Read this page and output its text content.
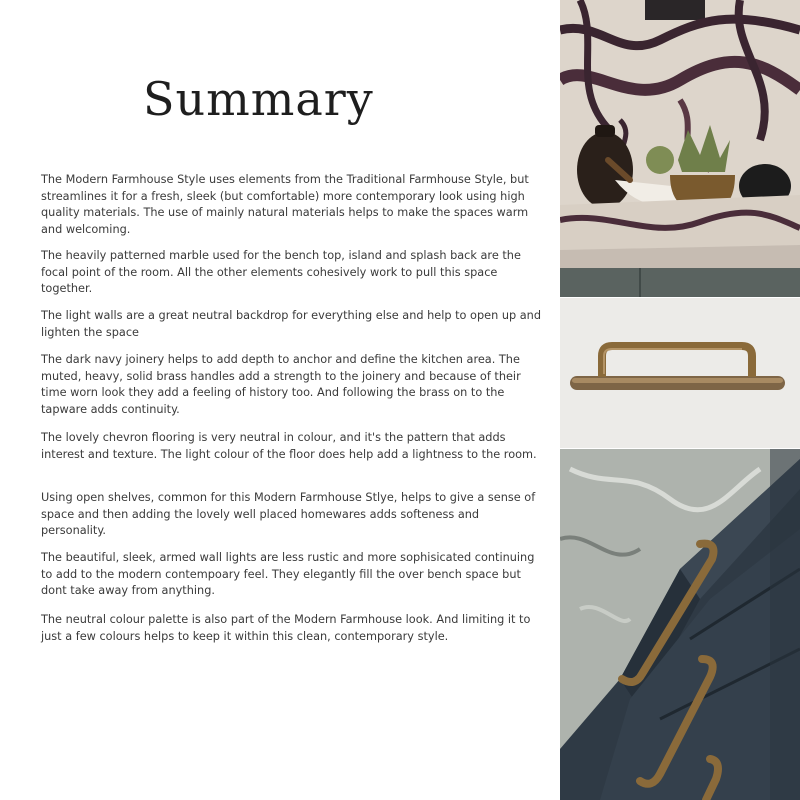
Summary

The Modern Farmhouse Style uses elements from the Traditional Farmhouse Style, but streamlines it for a fresh, sleek (but comfortable) more contemporary look using high quality materials. The use of mainly natural materials helps to make the spaces warm and welcoming.

The heavily patterned marble used for the bench top, island and splash back are the focal point of the room. All the other elements cohesively work to pull this space together.

The light walls are a great neutral backdrop for everything else and help to open up and lighten the space

The dark navy joinery helps to add depth to anchor and define the kitchen area. The muted, heavy, solid brass handles add a strength to the joinery and because of their time worn look they add a feeling of history too. And following the brass on to the tapware adds continuity.

The lovely chevron flooring is very neutral in colour, and it's the pattern that adds interest and texture. The light colour of the floor does help add a lightness to the room.

Using open shelves, common for this Modern Farmhouse Stlye, helps to give a sense of space and then adding the lovely well placed homewares adds softeness and personality.

The beautiful, sleek, armed wall lights are less rustic and more sophisicated continuing to add to the modern contempoary feel. They elegantly fill the over bench space but dont take away from anything.

The neutral colour palette is also part of the Modern Farmhouse look. And limiting it to just a few colours helps to keep it within this clean, contemporary style.
